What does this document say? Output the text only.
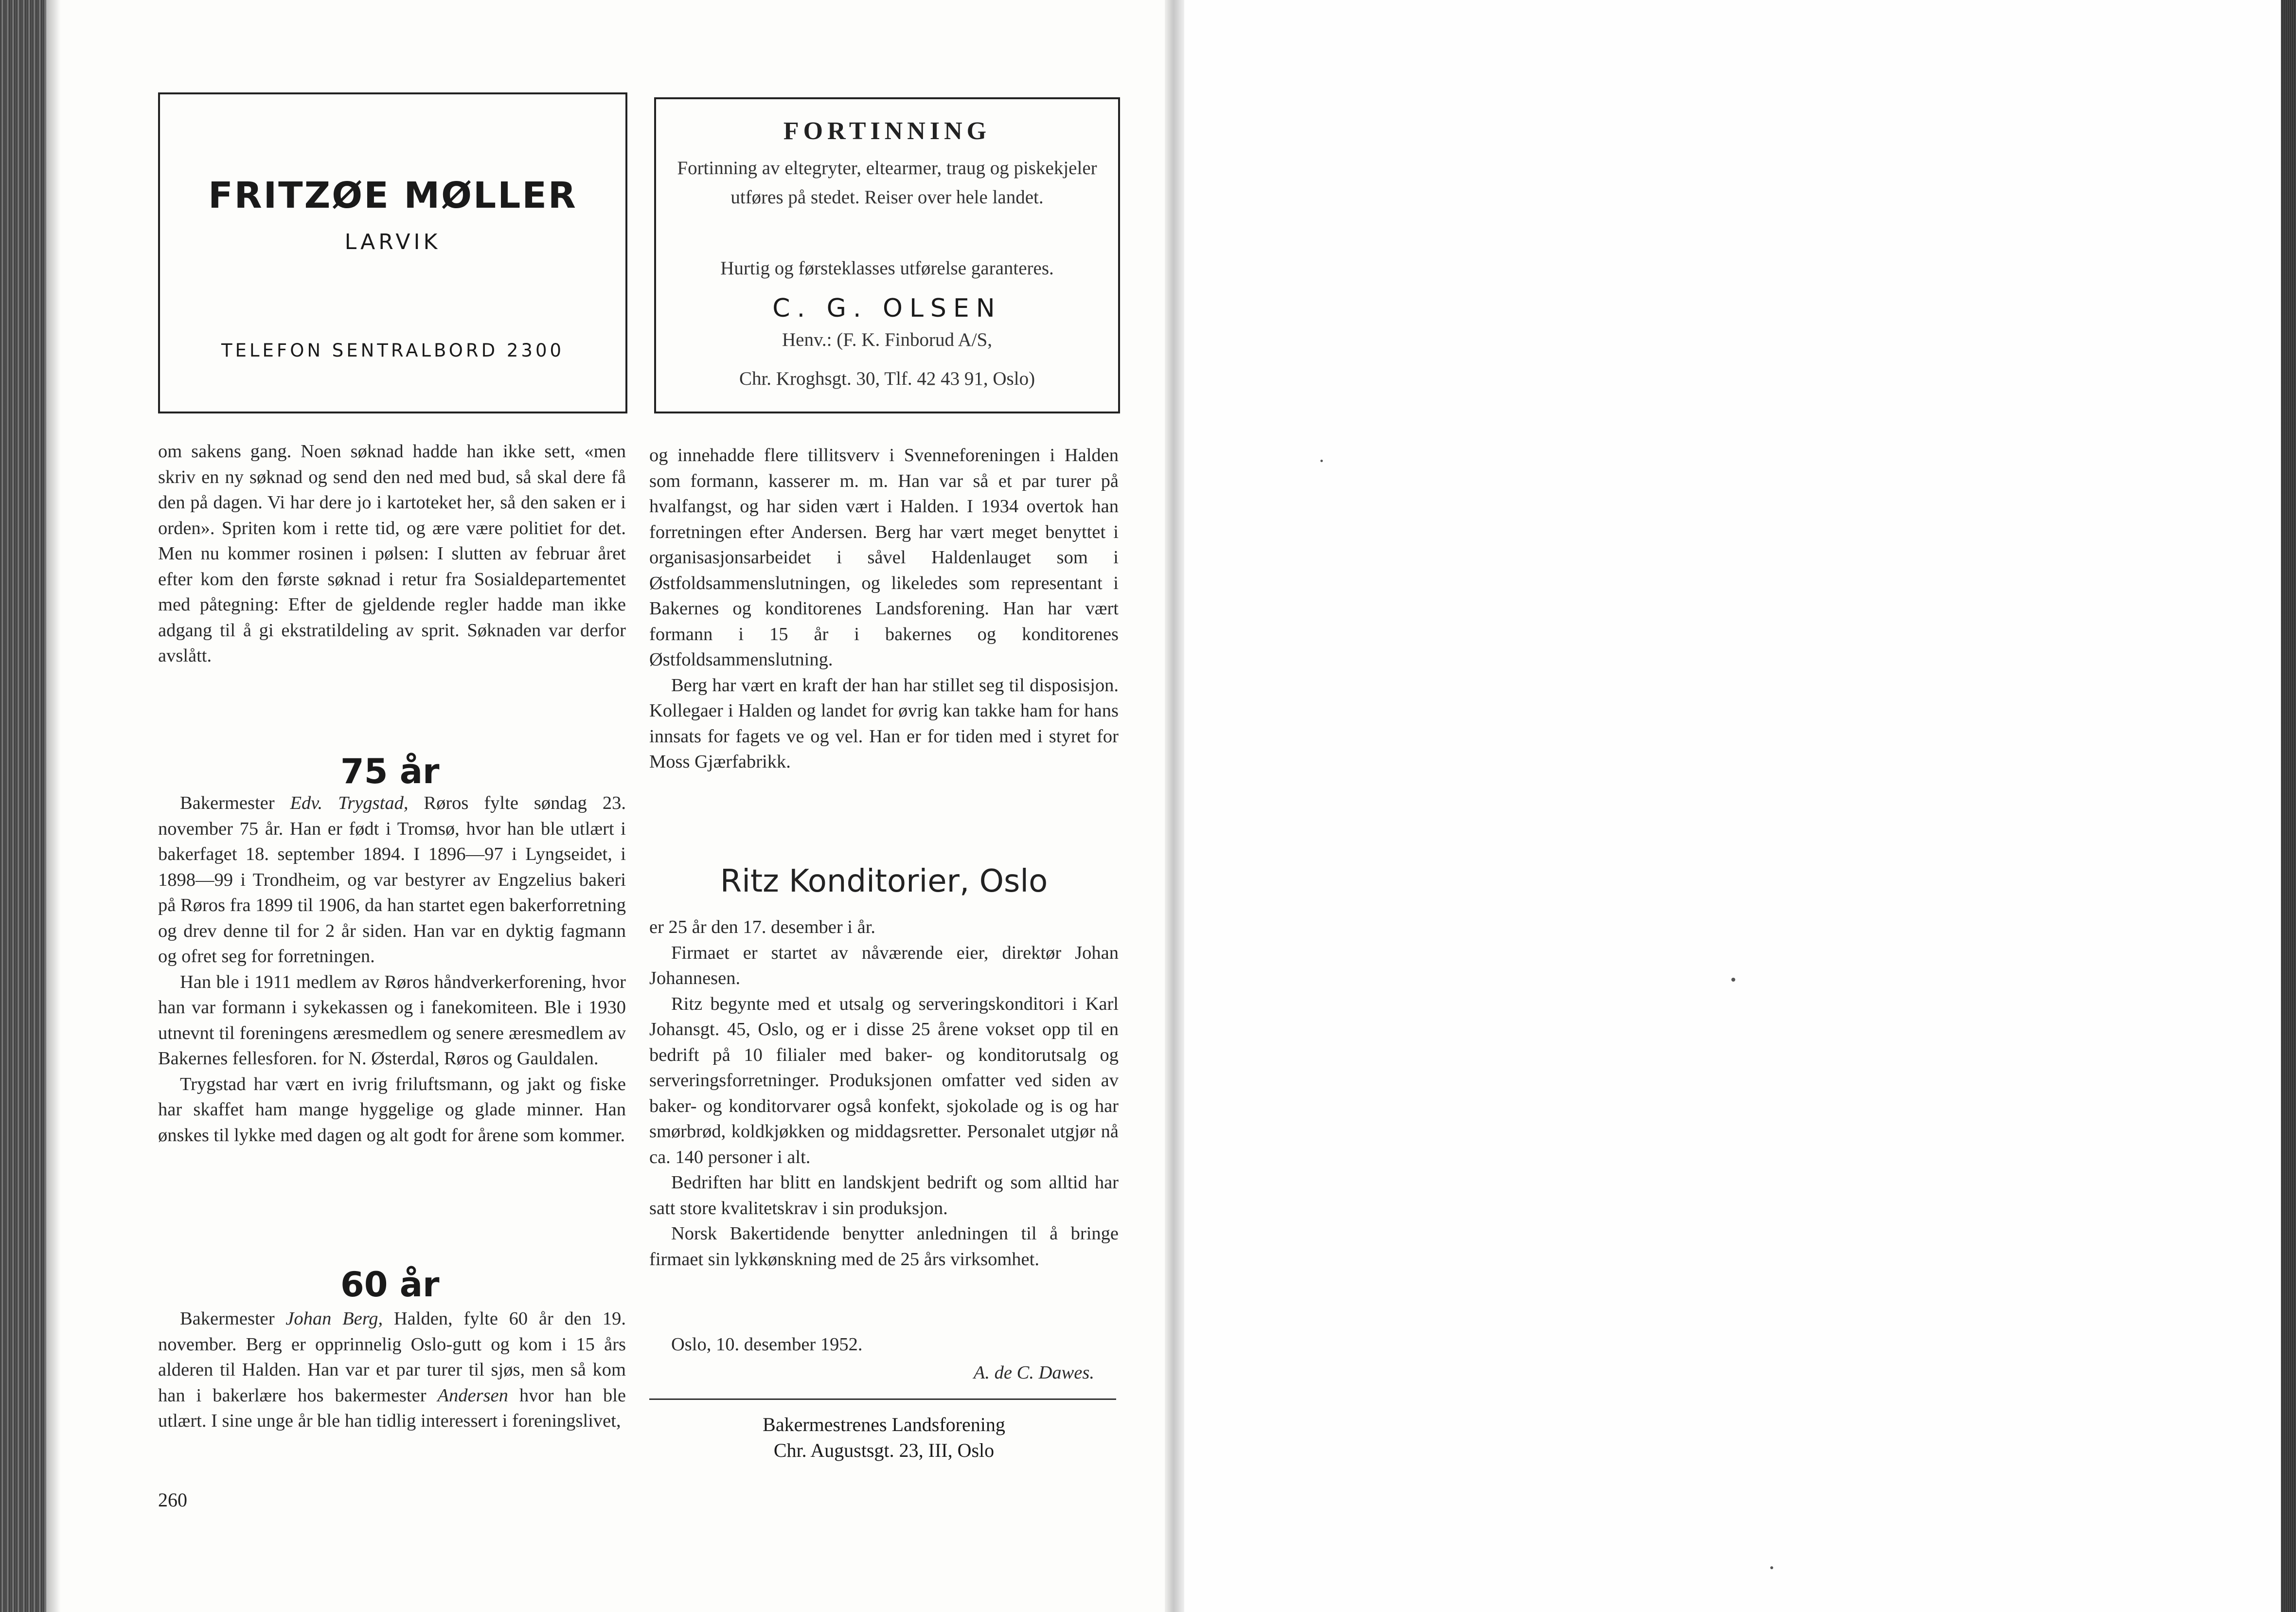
FRITZØE MØLLER
LARVIK
TELEFON SENTRALBORD 2300
FORTINNING
Fortinning av eltegryter, eltearmer, traug og piskekjeler utføres på stedet. Reiser over hele landet.
Hurtig og førsteklasses utførelse garanteres.
C. G. OLSEN
Henv.: (F. K. Finborud A/S,
Chr. Kroghsgt. 30, Tlf. 42 43 91, Oslo)

om sakens gang. Noen søknad hadde han ikke sett, «men skriv en ny søknad og send den ned med bud, så skal dere få den på dagen. Vi har dere jo i kartoteket her, så den saken er i orden». Spriten kom i rette tid, og ære være politiet for det. Men nu kommer rosinen i pølsen: I slutten av februar året efter kom den første søknad i retur fra Sosialdepartementet med påtegning: Efter de gjeldende regler hadde man ikke adgang til å gi ekstratildeling av sprit. Søknaden var derfor avslått.

75 år

Bakermester Edv. Trygstad, Røros fylte søndag 23. november 75 år. Han er født i Tromsø, hvor han ble utlært i bakerfaget 18. september 1894. I 1896—97 i Lyngseidet, i 1898—99 i Trondheim, og var bestyrer av Engzelius bakeri på Røros fra 1899 til 1906, da han startet egen bakerforretning og drev denne til for 2 år siden. Han var en dyktig fagmann og ofret seg for forretningen.

Han ble i 1911 medlem av Røros håndverkerforening, hvor han var formann i sykekassen og i fanekomiteen. Ble i 1930 utnevnt til foreningens æresmedlem og senere æresmedlem av Bakernes fellesforen. for N. Østerdal, Røros og Gauldalen.

Trygstad har vært en ivrig friluftsmann, og jakt og fiske har skaffet ham mange hyggelige og glade minner. Han ønskes til lykke med dagen og alt godt for årene som kommer.

60 år

Bakermester Johan Berg, Halden, fylte 60 år den 19. november. Berg er opprinnelig Oslo-gutt og kom i 15 års alderen til Halden. Han var et par turer til sjøs, men så kom han i bakerlære hos bakermester Andersen hvor han ble utlært. I sine unge år ble han tidlig interessert i foreningslivet,

og innehadde flere tillitsverv i Svenneforeningen i Halden som formann, kasserer m. m. Han var så et par turer på hvalfangst, og har siden vært i Halden. I 1934 overtok han forretningen efter Andersen. Berg har vært meget benyttet i organisasjonsarbeidet i såvel Haldenlauget som i Østfoldsammenslutningen, og likeledes som representant i Bakernes og konditorenes Landsforening. Han har vært formann i 15 år i bakernes og konditorenes Østfoldsammenslutning.

Berg har vært en kraft der han har stillet seg til disposisjon. Kollegaer i Halden og landet for øvrig kan takke ham for hans innsats for fagets ve og vel. Han er for tiden med i styret for Moss Gjærfabrikk.

Ritz Konditorier, Oslo

er 25 år den 17. desember i år.

Firmaet er startet av nåværende eier, direktør Johan Johannesen.

Ritz begynte med et utsalg og serveringskonditori i Karl Johansgt. 45, Oslo, og er i disse 25 årene vokset opp til en bedrift på 10 filialer med baker- og konditorutsalg og serveringsforretninger. Produksjonen omfatter ved siden av baker- og konditorvarer også konfekt, sjokolade og is og har smørbrød, koldkjøkken og middagsretter. Personalet utgjør nå ca. 140 personer i alt.

Bedriften har blitt en landskjent bedrift og som alltid har satt store kvalitetskrav i sin produksjon.

Norsk Bakertidende benytter anledningen til å bringe firmaet sin lykkønskning med de 25 års virksomhet.

Oslo, 10. desember 1952.
A. de C. Dawes.
Bakermestrenes Landsforening
Chr. Augustsgt. 23, III, Oslo
260
